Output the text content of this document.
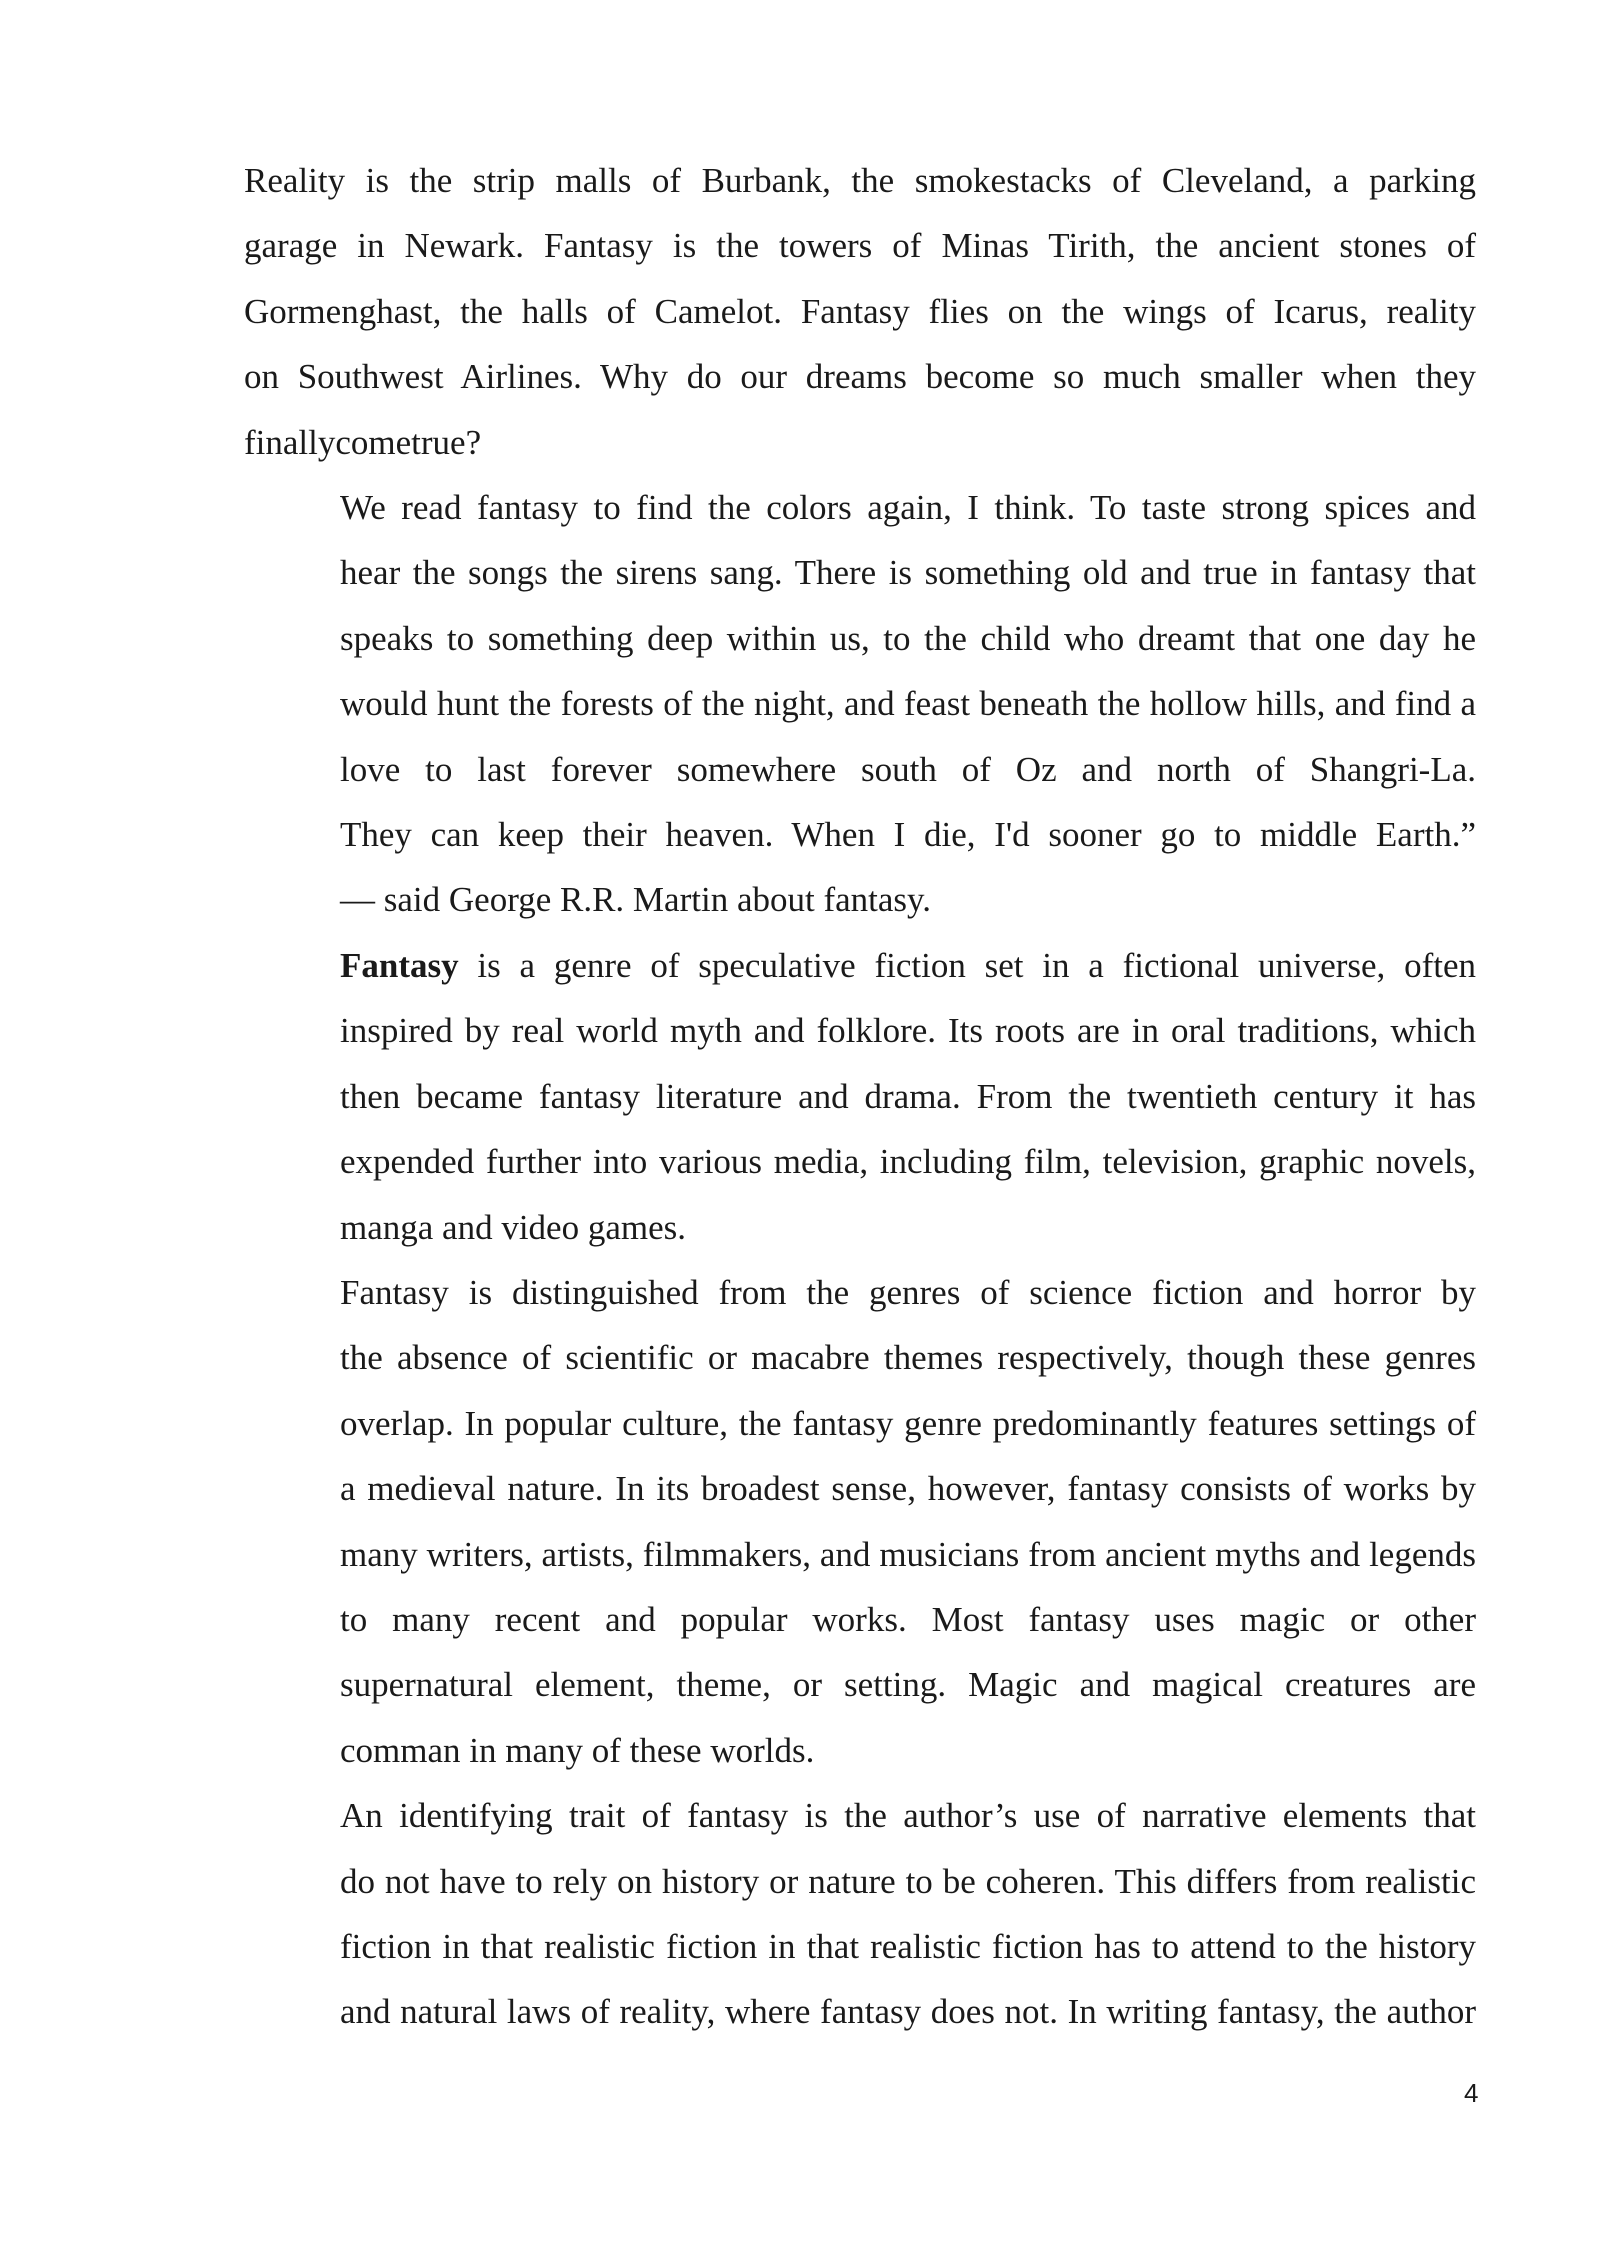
Reality is the strip malls of Burbank, the smokestacks of Cleveland, a parking
garage in Newark. Fantasy is the towers of Minas Tirith, the ancient stones of
Gormenghast, the halls of Camelot. Fantasy flies on the wings of Icarus, reality
on Southwest Airlines. Why do our dreams become so much smaller when they
finallycometrue?

We read fantasy to find the colors again, I think. To taste strong spices and
hear the songs the sirens sang. There is something old and true in fantasy that
speaks to something deep within us, to the child who dreamt that one day he
would hunt the forests of the night, and feast beneath the hollow hills, and find a
love to last forever somewhere south of Oz and north of Shangri-La.
They can keep their heaven. When I die, I'd sooner go to middle Earth.”
— said George R.R. Martin about fantasy.

Fantasy is a genre of speculative fiction set in a fictional universe, often
inspired by real world myth and folklore. Its roots are in oral traditions, which
then became fantasy literature and drama. From the twentieth century it has
expended further into various media, including film, television, graphic novels,
manga and video games.

Fantasy is distinguished from the genres of science fiction and horror by
the absence of scientific or macabre themes respectively, though these genres
overlap. In popular culture, the fantasy genre predominantly features settings of
a medieval nature. In its broadest sense, however, fantasy consists of works by
many writers, artists, filmmakers, and musicians from ancient myths and legends
to many recent and popular works. Most fantasy uses magic or other
supernatural element, theme, or setting. Magic and magical creatures are
comman in many of these worlds.

An identifying trait of fantasy is the author’s use of narrative elements that
do not have to rely on history or nature to be coheren. This differs from realistic
fiction in that realistic fiction in that realistic fiction has to attend to the history
and natural laws of reality, where fantasy does not. In writing fantasy, the author

4
